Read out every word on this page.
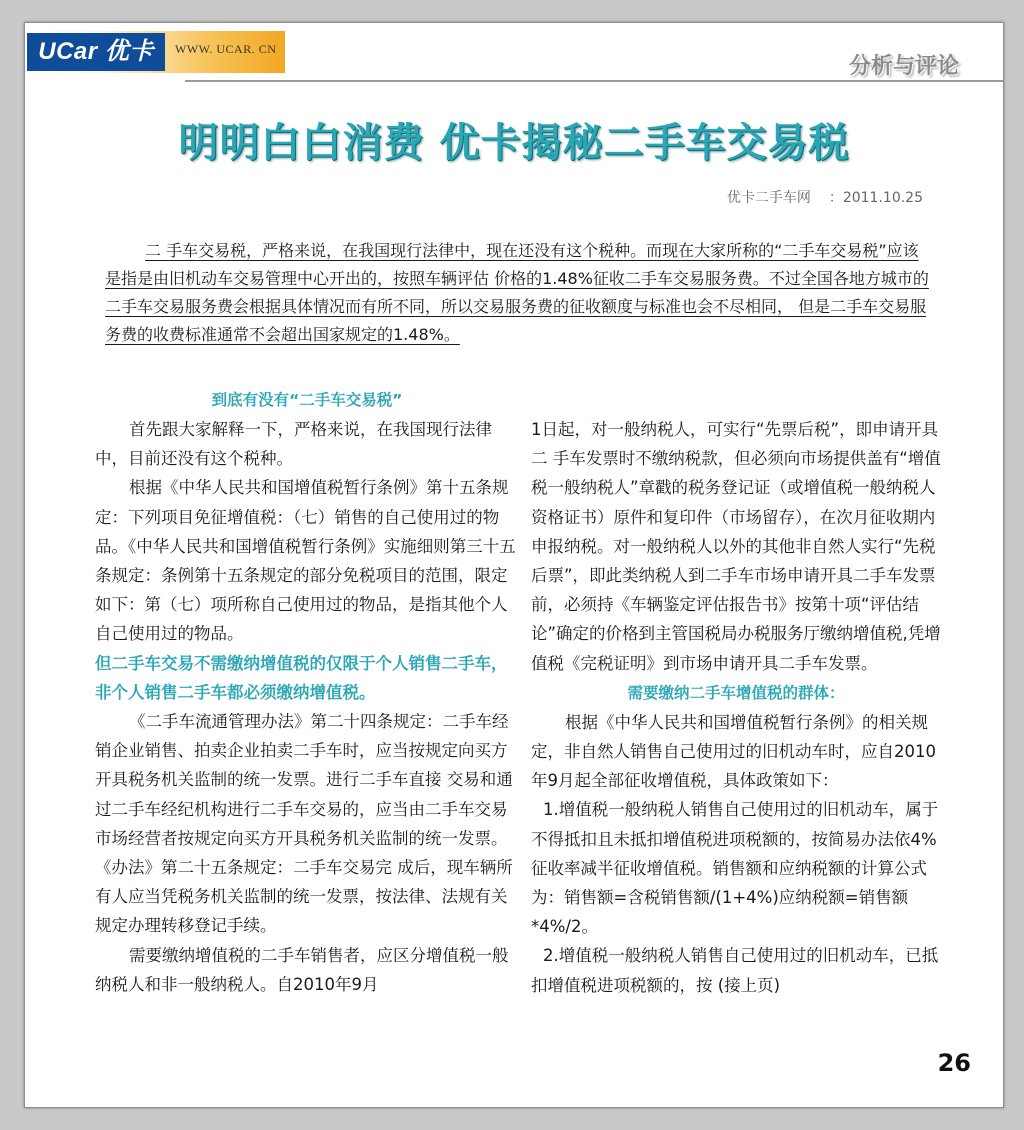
UCar 优卡	WWW. UCAR. CN
分析与评论
明明白白消费 优卡揭秘二手车交易税
优卡二手车网 ：2011.10.25

二 手车交易税，严格来说，在我国现行法律中，现在还没有这个税种。而现在大家所称的“二手车交易税”应该是指是由旧机动车交易管理中心开出的，按照车辆评估 价格的1.48%征收二手车交易服务费。不过全国各地方城市的二手车交易服务费会根据具体情况而有所不同，所以交易服务费的征收额度与标准也会不尽相同， 但是二手车交易服务费的收费标准通常不会超出国家规定的1.48%。

到底有没有“二手车交易税”

首先跟大家解释一下，严格来说，在我国现行法律中，目前还没有这个税种。

根据《中华人民共和国增值税暂行条例》第十五条规定：下列项目免征增值税：（七）销售的自己使用过的物品。《中华人民共和国增值税暂行条例》实施细则第三十五条规定：条例第十五条规定的部分免税项目的范围，限定如下：第（七）项所称自己使用过的物品，是指其他个人自己使用过的物品。

但二手车交易不需缴纳增值税的仅限于个人销售二手车，非个人销售二手车都必须缴纳增值税。

《二手车流通管理办法》第二十四条规定：二手车经销企业销售、拍卖企业拍卖二手车时，应当按规定向买方开具税务机关监制的统一发票。进行二手车直接 交易和通过二手车经纪机构进行二手车交易的，应当由二手车交易市场经营者按规定向买方开具税务机关监制的统一发票。《办法》第二十五条规定：二手车交易完 成后，现车辆所有人应当凭税务机关监制的统一发票，按法律、法规有关规定办理转移登记手续。

需要缴纳增值税的二手车销售者，应区分增值税一般纳税人和非一般纳税人。自2010年9月

1日起，对一般纳税人，可实行“先票后税”，即申请开具二 手车发票时不缴纳税款，但必须向市场提供盖有“增值税一般纳税人”章戳的税务登记证（或增值税一般纳税人资格证书）原件和复印件（市场留存），在次月征收期内申报纳税。对一般纳税人以外的其他非自然人实行“先税后票”，即此类纳税人到二手车市场申请开具二手车发票前，必须持《车辆鉴定评估报告书》按第十项“评估结论”确定的价格到主管国税局办税服务厅缴纳增值税,凭增值税《完税证明》到市场申请开具二手车发票。

需要缴纳二手车增值税的群体：

根据《中华人民共和国增值税暂行条例》的相关规定，非自然人销售自己使用过的旧机动车时，应自2010年9月起全部征收增值税，具体政策如下：

1.增值税一般纳税人销售自己使用过的旧机动车，属于不得抵扣且未抵扣增值税进项税额的，按简易办法依4%征收率减半征收增值税。销售额和应纳税额的计算公式为：销售额=含税销售额/(1+4%)应纳税额=销售额*4%/2。

2.增值税一般纳税人销售自己使用过的旧机动车，已抵扣增值税进项税额的，按 (接上页)

26
